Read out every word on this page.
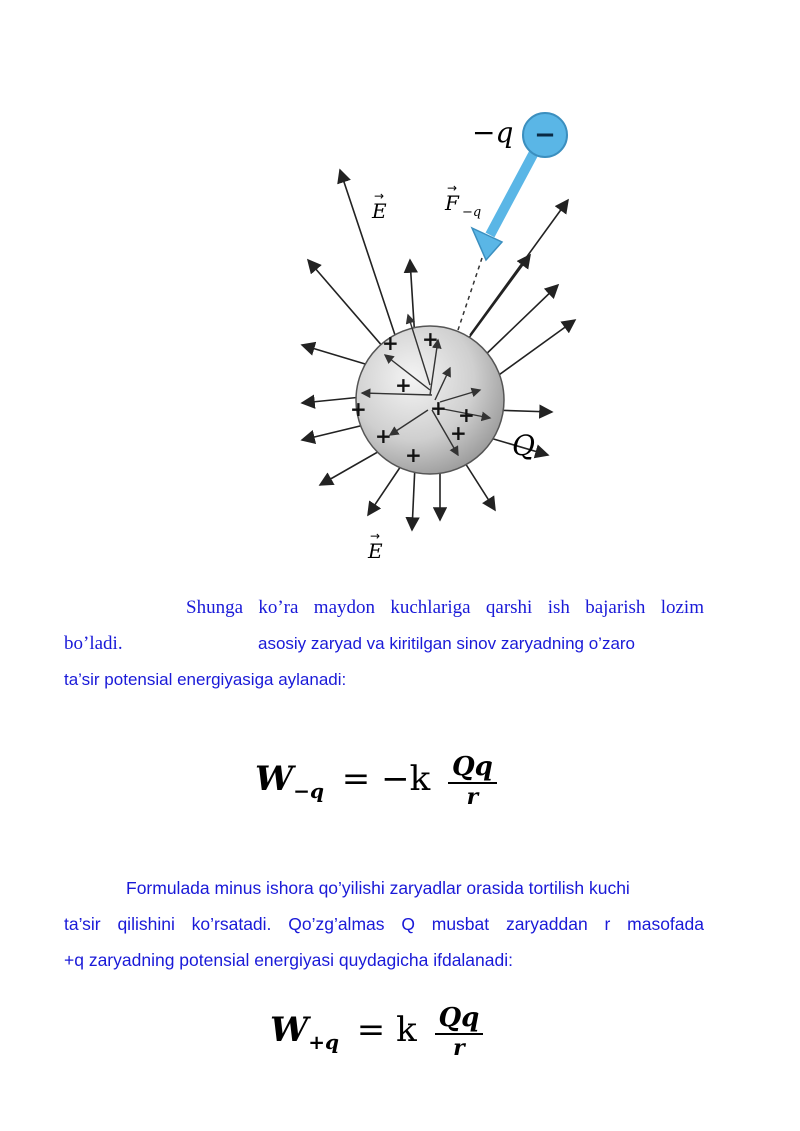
+ +
+
+
+
+
+
+
+
−
−q
E
→	F −q
→
Q
E
→
Shunga ko’ra maydon kuchlariga qarshi ish bajarish lozim
bo’ladi.	asosiy zaryad va kiritilgan sinov zaryadning o’zaro
ta’sir potensial energiyasiga aylanadi:
$W_{-q} = -k \frac{Qq}{r}$
Formulada minus ishora qo’yilishi zaryadlar orasida tortilish kuchi
ta’sir qilishini ko’rsatadi. Qo’zg’almas Q musbat zaryaddan r masofada
+q zaryadning potensial energiyasi quydagicha ifdalanadi:
$W_{+q} = k \frac{Qq}{r}$
